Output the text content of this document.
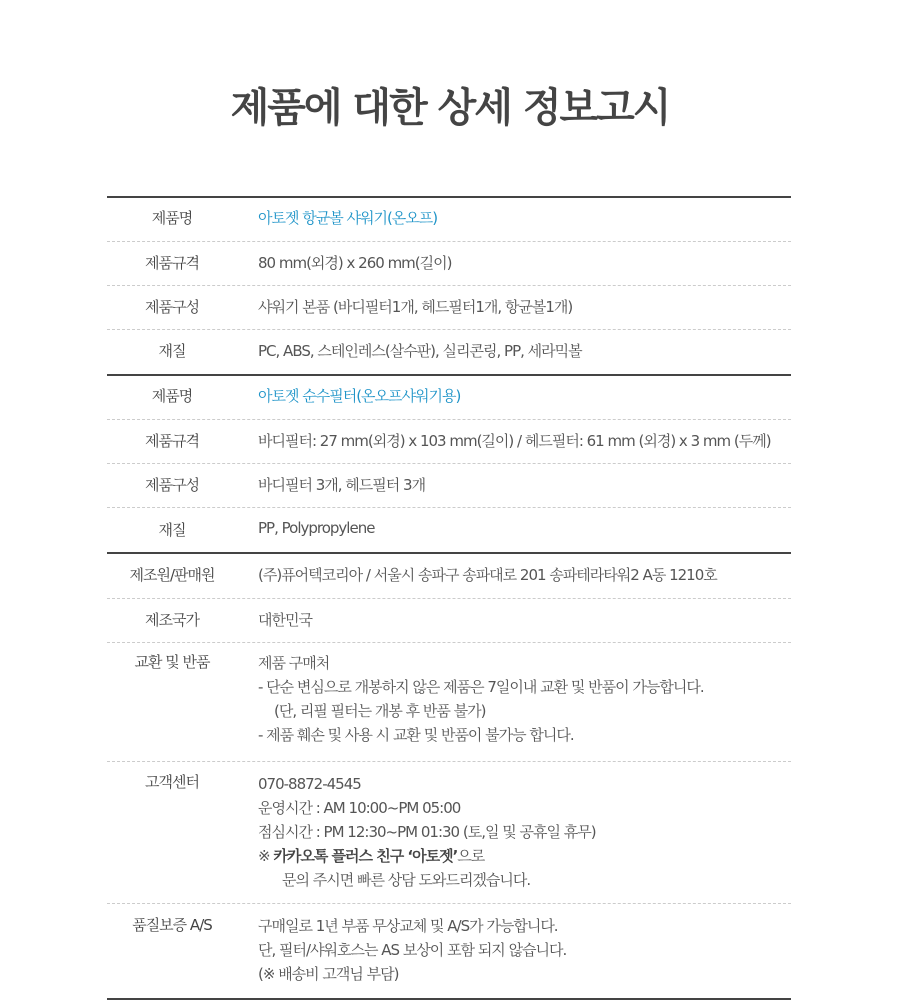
제품에 대한 상세 정보고시
제품명	아토젯 항균볼 샤워기(온오프)
제품규격	80 mm(외경) x 260 mm(길이)
제품구성	샤워기 본품 (바디필터1개, 헤드필터1개, 항균볼1개)
재질	PC, ABS, 스테인레스(살수판), 실리콘링, PP, 세라믹볼
제품명	아토젯 순수필터(온오프샤워기용)
제품규격	바디필터: 27 mm(외경) x 103 mm(길이) / 헤드필터: 61 mm (외경) x 3 mm (두께)
제품구성	바디필터 3개, 헤드필터 3개
재질	PP, Polypropylene
제조원/판매원	(주)퓨어텍코리아 / 서울시 송파구 송파대로 201 송파테라타워2 A동 1210호
제조국가	대한민국
교환 및 반품	제품 구매처
- 단순 변심으로 개봉하지 않은 제품은 7일이내 교환 및 반품이 가능합니다.
(단, 리필 필터는 개봉 후 반품 불가)
- 제품 훼손 및 사용 시 교환 및 반품이 불가능 합니다.
고객센터	070-8872-4545
운영시간 : AM 10:00~PM 05:00
점심시간 : PM 12:30~PM 01:30 (토,일 및 공휴일 휴무)
※ 카카오톡 플러스 친구 ‘아토젯’으로
문의 주시면 빠른 상담 도와드리겠습니다.
품질보증 A/S	구매일로 1년 부품 무상교체 및 A/S가 가능합니다.
단, 필터/샤워호스는 AS 보상이 포함 되지 않습니다.
(※ 배송비 고객님 부담)
